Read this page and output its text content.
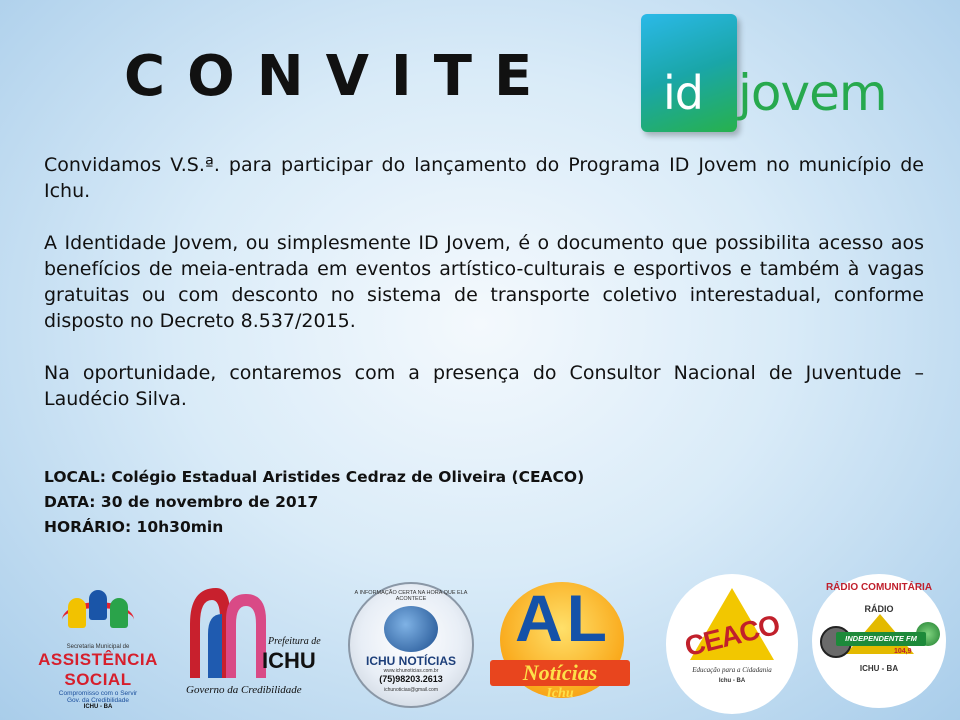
CONVITE id jovem

Convidamos V.S.ª. para participar do lançamento do Programa ID Jovem no município de Ichu.

A Identidade Jovem, ou simplesmente ID Jovem, é o documento que possibilita acesso aos benefícios de meia-entrada em eventos artístico-culturais e esportivos e também à vagas gratuitas ou com desconto no sistema de transporte coletivo interestadual, conforme disposto no Decreto 8.537/2015.

Na oportunidade, contaremos com a presença do Consultor Nacional de Juventude – Laudécio Silva.

LOCAL: Colégio Estadual Aristides Cedraz de Oliveira (CEACO)
DATA: 30 de novembro de 2017
HORÁRIO: 10h30min
Secretaria Municipal de
ASSISTÊNCIA SOCIAL
Compromisso com o Servir
Gov. da Credibilidade
ICHU - BA
Prefeitura de
ICHU
Governo da Credibilidade
A INFORMAÇÃO CERTA NA HORA QUE ELA ACONTECE
ICHU NOTÍCIAS
www.ichunoticias.com.br
(75)98203.2613
ichunoticias@gmail.com
AL
Notícias
Ichu
CEACO
Educação para a Cidadania
Ichu - BA
RÁDIO COMUNITÁRIA
RÁDIO
INDEPENDENTE FM
104,9
ICHU - BA
